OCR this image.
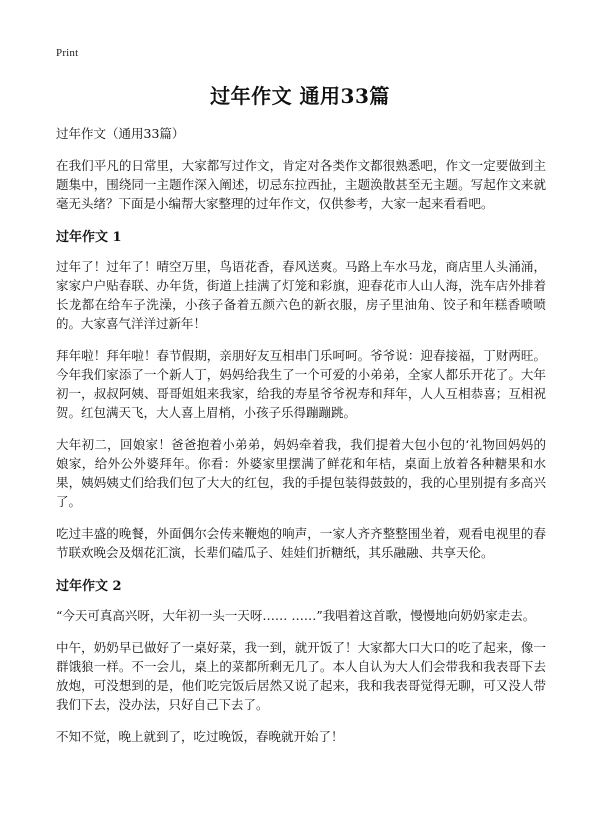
Print
过年作文 通用33篇
过年作文（通用33篇）

在我们平凡的日常里，大家都写过作文，肯定对各类作文都很熟悉吧，作文一定要做到主题集中，围绕同一主题作深入阐述，切忌东拉西扯，主题涣散甚至无主题。写起作文来就毫无头绪？下面是小编帮大家整理的过年作文，仅供参考，大家一起来看看吧。

过年作文 1

过年了！过年了！晴空万里，鸟语花香，春风送爽。马路上车水马龙，商店里人头涌涌，家家户户贴春联、办年货，街道上挂满了灯笼和彩旗，迎春花市人山人海，洗车店外排着长龙都在给车子洗澡，小孩子备着五颜六色的新衣服，房子里油角、饺子和年糕香喷喷的。大家喜气洋洋过新年！

拜年啦！拜年啦！春节假期，亲朋好友互相串门乐呵呵。爷爷说：迎春接福，丁财两旺。今年我们家添了一个新人丁，妈妈给我生了一个可爱的小弟弟，全家人都乐开花了。大年初一，叔叔阿姨、哥哥姐姐来我家，给我的寿星爷爷祝寿和拜年，人人互相恭喜；互相祝贺。红包满天飞，大人喜上眉梢，小孩子乐得蹦蹦跳。

大年初二，回娘家！爸爸抱着小弟弟，妈妈牵着我，我们提着大包小包的‘礼物回妈妈的娘家，给外公外婆拜年。你看：外婆家里摆满了鲜花和年桔，桌面上放着各种糖果和水果，姨妈姨丈们给我们包了大大的红包，我的手提包装得鼓鼓的，我的心里别提有多高兴了。

吃过丰盛的晚餐，外面偶尔会传来鞭炮的响声，一家人齐齐整整围坐着，观看电视里的春节联欢晚会及烟花汇演，长辈们磕瓜子、娃娃们折糖纸，其乐融融、共享天伦。

过年作文 2

“今天可真高兴呀，大年初一头一天呀…… ……”我唱着这首歌，慢慢地向奶奶家走去。

中午，奶奶早已做好了一桌好菜，我一到，就开饭了！大家都大口大口的吃了起来，像一群饿狼一样。不一会儿，桌上的菜都所剩无几了。本人自认为大人们会带我和我表哥下去放炮，可没想到的是，他们吃完饭后居然又说了起来，我和我表哥觉得无聊，可又没人带我们下去，没办法，只好自己下去了。

不知不觉，晚上就到了，吃过晚饭，春晚就开始了！
